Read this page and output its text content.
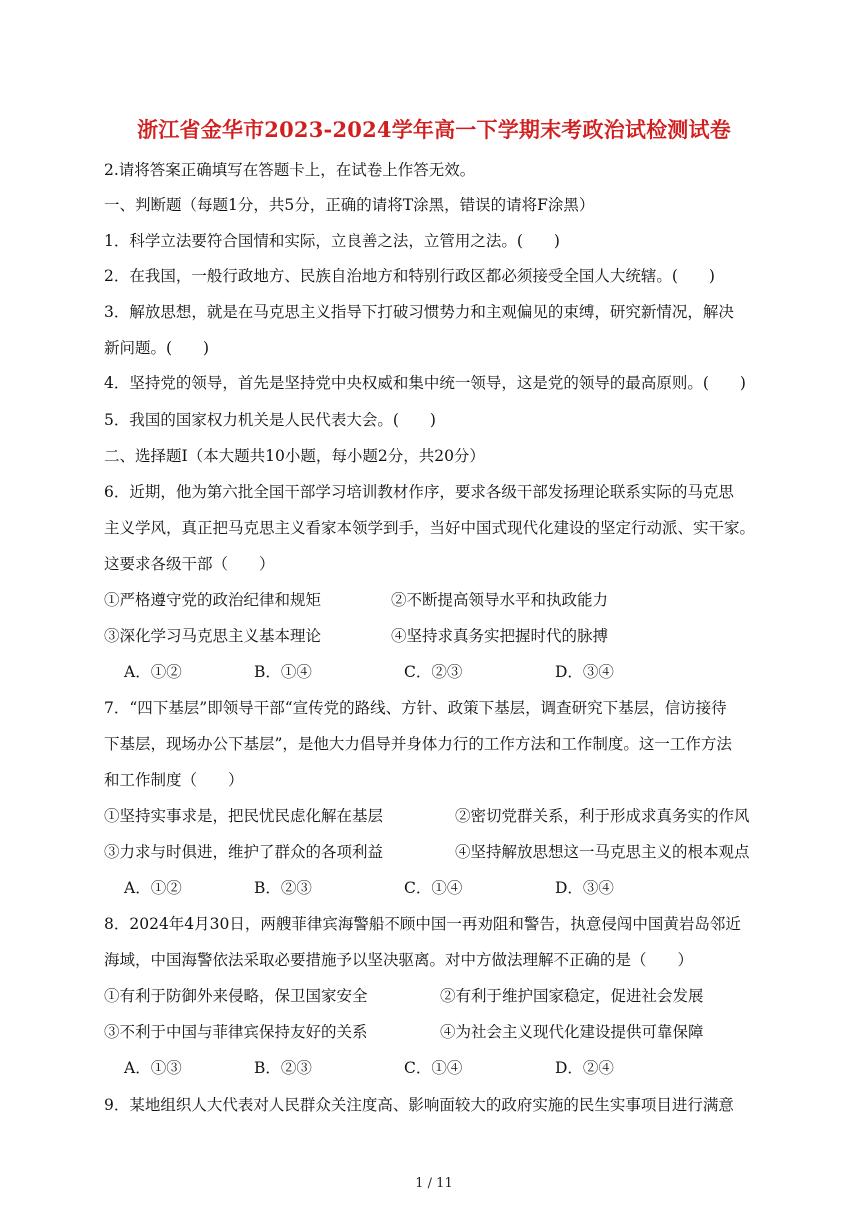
浙江省金华市2023-2024学年高一下学期末考政治试检测试卷
2.请将答案正确填写在答题卡上，在试卷上作答无效。
一、判断题（每题1分，共5分，正确的请将T涂黑，错误的请将F涂黑）
1．科学立法要符合国情和实际，立良善之法，立管用之法。(　　)
2．在我国，一般行政地方、民族自治地方和特别行政区都必须接受全国人大统辖。(　　)
3．解放思想，就是在马克思主义指导下打破习惯势力和主观偏见的束缚，研究新情况，解决
新问题。(　　)
4．坚持党的领导，首先是坚持党中央权威和集中统一领导，这是党的领导的最高原则。(　　)
5．我国的国家权力机关是人民代表大会。(　　)
二、选择题Ⅰ（本大题共10小题，每小题2分，共20分）
6．近期，他为第六批全国干部学习培训教材作序，要求各级干部发扬理论联系实际的马克思
主义学风，真正把马克思主义看家本领学到手，当好中国式现代化建设的坚定行动派、实干家。
这要求各级干部（　　）
①严格遵守党的政治纪律和规矩	②不断提高领导水平和执政能力
③深化学习马克思主义基本理论	④坚持求真务实把握时代的脉搏
A．①②	B．①④	C．②③	D．③④
7．“四下基层”即领导干部“宣传党的路线、方针、政策下基层，调查研究下基层，信访接待
下基层，现场办公下基层”，是他大力倡导并身体力行的工作方法和工作制度。这一工作方法
和工作制度（　　）
①坚持实事求是，把民忧民虑化解在基层	②密切党群关系，利于形成求真务实的作风
③力求与时俱进，维护了群众的各项利益	④坚持解放思想这一马克思主义的根本观点
A．①②	B．②③	C．①④	D．③④
8．2024年4月30日，两艘菲律宾海警船不顾中国一再劝阻和警告，执意侵闯中国黄岩岛邻近
海域，中国海警依法采取必要措施予以坚决驱离。对中方做法理解不正确的是（　　）
①有利于防御外来侵略，保卫国家安全	②有利于维护国家稳定，促进社会发展
③不利于中国与菲律宾保持友好的关系	④为社会主义现代化建设提供可靠保障
A．①③	B．②③	C．①④	D．②④
9．某地组织人大代表对人民群众关注度高、影响面较大的政府实施的民生实事项目进行满意
1 / 11
